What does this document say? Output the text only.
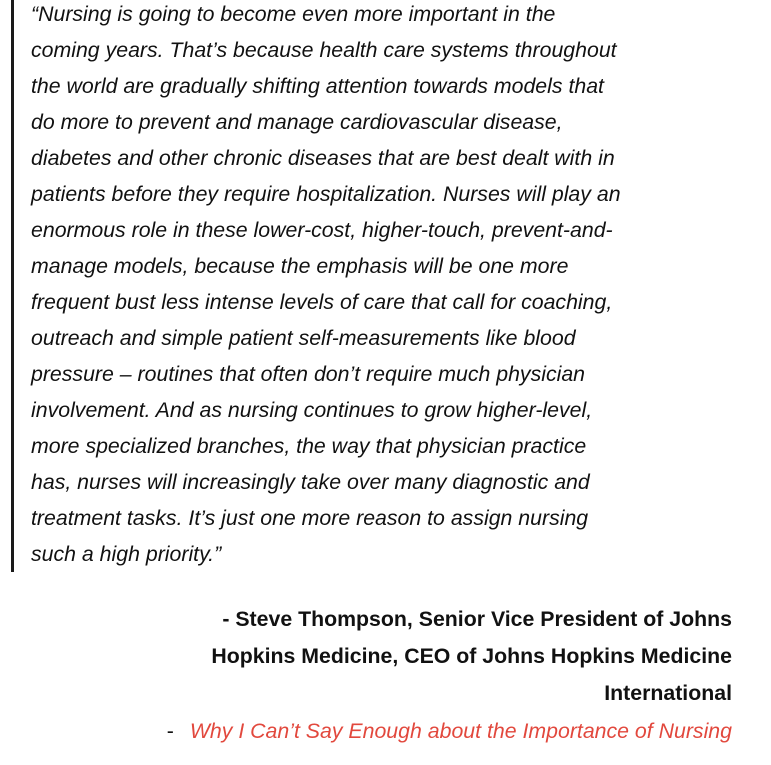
“Nursing is going to become even more important in the
coming years. That’s because health care systems throughout
the world are gradually shifting attention towards models that
do more to prevent and manage cardiovascular disease,
diabetes and other chronic diseases that are best dealt with in
patients before they require hospitalization. Nurses will play an
enormous role in these lower-cost, higher-touch, prevent-and-
manage models, because the emphasis will be one more
frequent bust less intense levels of care that call for coaching,
outreach and simple patient self-measurements like blood
pressure – routines that often don’t require much physician
involvement. And as nursing continues to grow higher-level,
more specialized branches, the way that physician practice
has, nurses will increasingly take over many diagnostic and
treatment tasks. It’s just one more reason to assign nursing
such a high priority.”

- Steve Thompson, Senior Vice President of Johns
Hopkins Medicine, CEO of Johns Hopkins Medicine
International
- Why I Can’t Say Enough about the Importance of Nursing
